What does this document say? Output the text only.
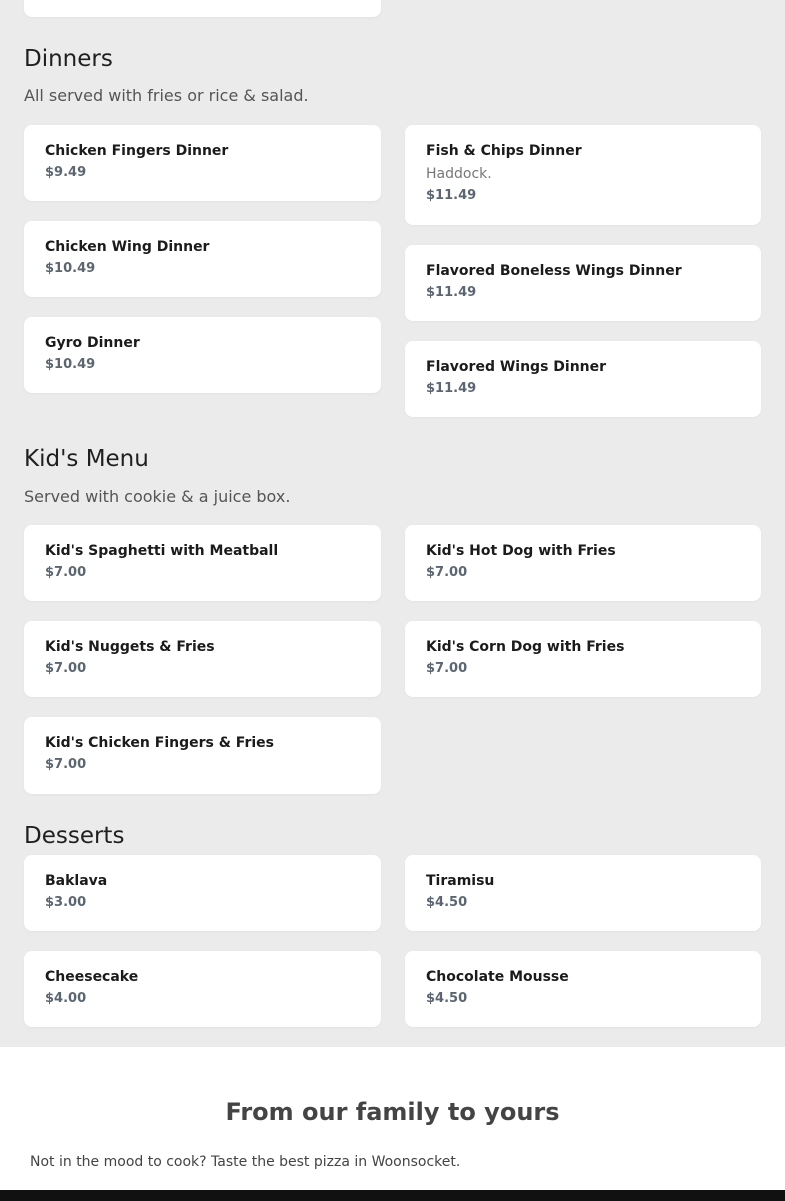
Dinners
All served with fries or rice & salad.
Chicken Fingers Dinner
$9.49
Fish & Chips Dinner
Haddock.
$11.49
Chicken Wing Dinner
$10.49	Flavored Boneless Wings Dinner
$11.49
Gyro Dinner
$10.49	Flavored Wings Dinner
$11.49
Kid's Menu
Served with cookie & a juice box.
Kid's Spaghetti with Meatball
$7.00
Kid's Hot Dog with Fries
$7.00
Kid's Nuggets & Fries
$7.00
Kid's Corn Dog with Fries
$7.00
Kid's Chicken Fingers & Fries
$7.00
Desserts
Baklava
$3.00
Tiramisu
$4.50
Cheesecake
$4.00
Chocolate Mousse
$4.50
From our family to yours
Not in the mood to cook? Taste the best pizza in Woonsocket.
